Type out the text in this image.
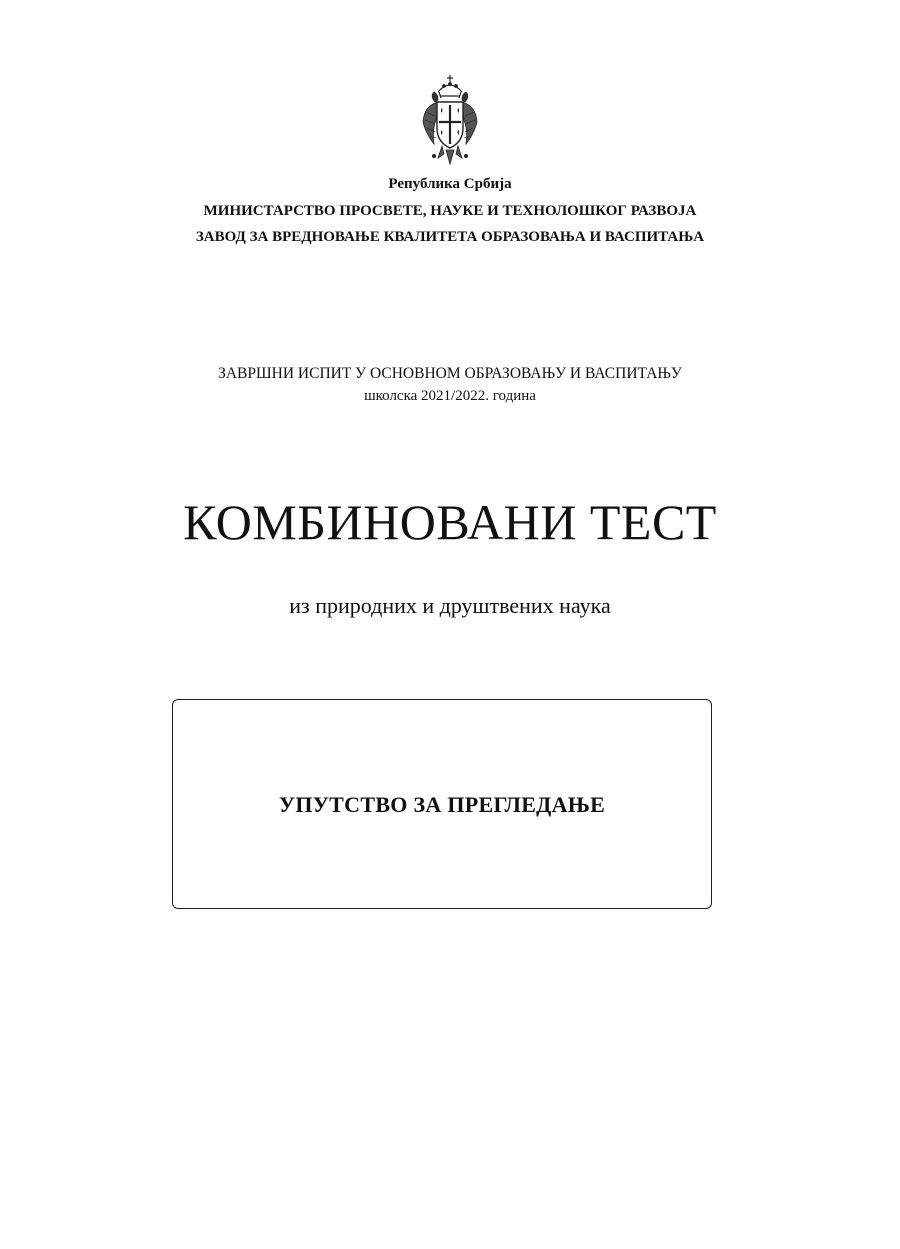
Република Србија
МИНИСТАРСТВО ПРОСВЕТЕ, НАУКЕ И ТЕХНОЛОШКОГ РАЗВОЈА
ЗАВОД ЗА ВРЕДНОВАЊЕ КВАЛИТЕТА ОБРАЗОВАЊА И ВАСПИТАЊА
ЗАВРШНИ ИСПИТ У ОСНОВНОМ ОБРАЗОВАЊУ И ВАСПИТАЊУ
школска 2021/2022. година
КОМБИНОВАНИ ТЕСТ
из природних и друштвених наука
УПУТСТВО ЗА ПРЕГЛЕДАЊЕ
